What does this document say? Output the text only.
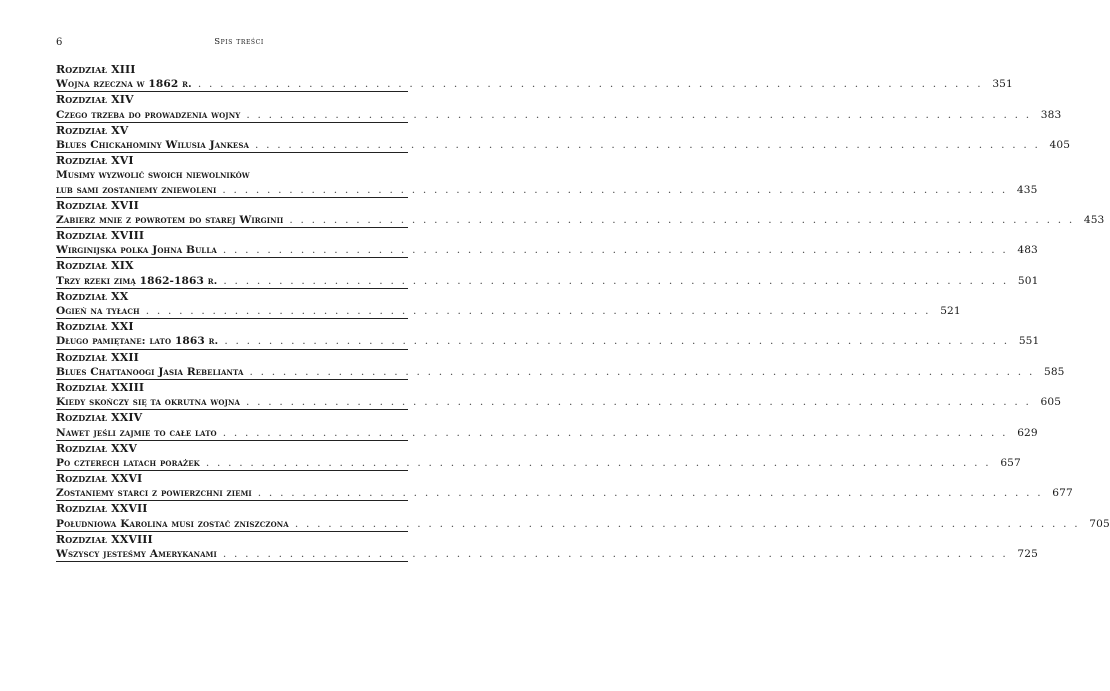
6	Spis treści
Rozdział XIII
Wojna rzeczna w 1862 r. . . .	351
Rozdział XIV
Czego trzeba do prowadzenia wojny . . .	383
Rozdział XV
Blues Chickahominy Wilusia Jankesa . . .	405
Rozdział XVI
Musimy wyzwolić swoich niewolników
lub sami zostaniemy zniewoleni . . .	435
Rozdział XVII
Zabierz mnie z powrotem do starej Wirginii . . .	453
Rozdział XVIII
Wirginijska polka Johna Bulla . . .	483
Rozdział XIX
Trzy rzeki zimą 1862-1863 r. . . .	501
Rozdział XX
Ogień na tyłach . . .	521
Rozdział XXI
Długo pamiętane: lato 1863 r. . . .	551
Rozdział XXII
Blues Chattanoogi Jasia Rebelianta . . .	585
Rozdział XXIII
Kiedy skończy się ta okrutna wojna . . .	605
Rozdział XXIV
Nawet jeśli zajmie to całe lato . . .	629
Rozdział XXV
Po czterech latach porażek . . .	657
Rozdział XXVI
Zostaniemy starci z powierzchni ziemi . . .	677
Rozdział XXVII
Południowa Karolina musi zostać zniszczona . . .	705
Rozdział XXVIII
Wszyscy jesteśmy Amerykanami . . .	725
